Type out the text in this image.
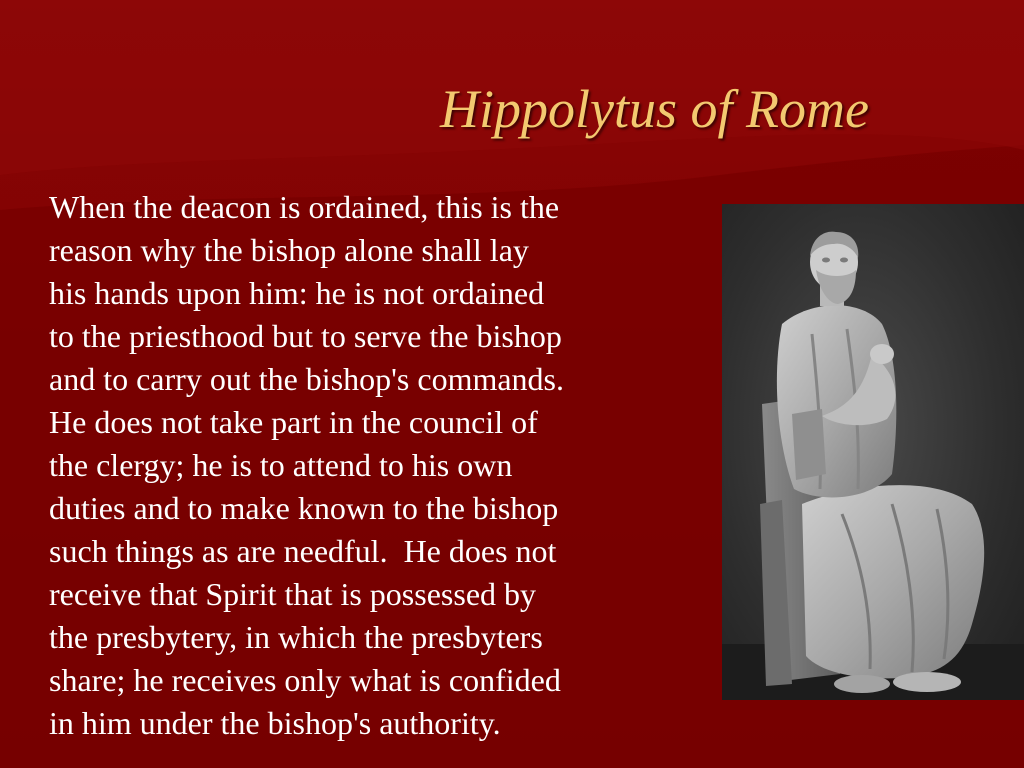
Hippolytus of Rome

When the deacon is ordained, this is the
reason why the bishop alone shall lay
his hands upon him: he is not ordained
to the priesthood but to serve the bishop
and to carry out the bishop's commands.
He does not take part in the council of
the clergy; he is to attend to his own
duties and to make known to the bishop
such things as are needful.  He does not
receive that Spirit that is possessed by
the presbytery, in which the presbyters
share; he receives only what is confided
in him under the bishop's authority.
